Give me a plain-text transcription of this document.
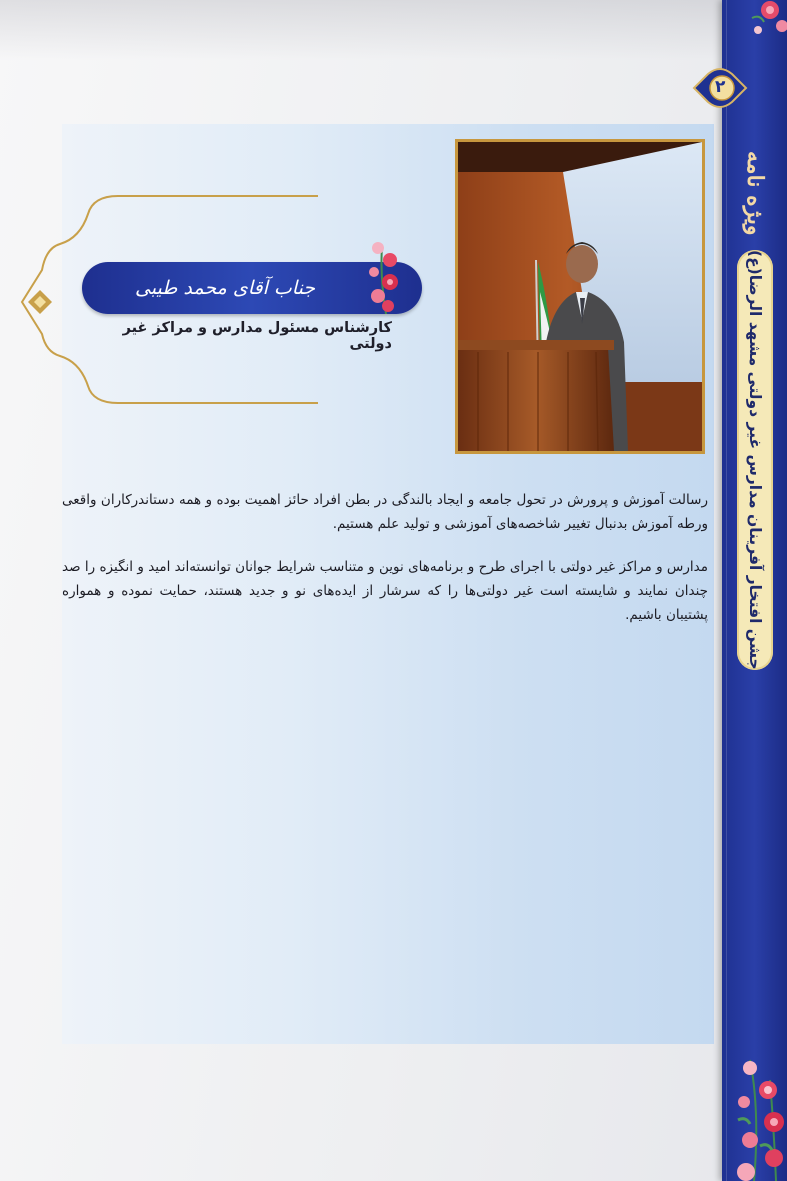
۲
ویژه نامه
جشن افتخار آفرینان مدارس غیر دولتی مشهد الرضا(ع)
جناب آقای محمد طیبی
کارشناس مسئول مدارس و مراکز غیر دولتی

رسالت آموزش و پرورش در تحول جامعه و ایجاد بالندگی در بطن افراد حائز اهمیت بوده و همه دستاندرکاران واقعی ورطه آموزش بدنبال تغییر شاخصه‌های آموزشی و تولید علم هستیم.

مدارس و مراکز غیر دولتی با اجرای طرح و برنامه‌های نوین و متناسب شرایط جوانان توانسته‌اند امید و انگیزه را صد چندان نمایند و شایسته است غیر دولتی‌ها را که سرشار از ایده‌های نو و جدید هستند، حمایت نموده و همواره پشتیبان باشیم.
